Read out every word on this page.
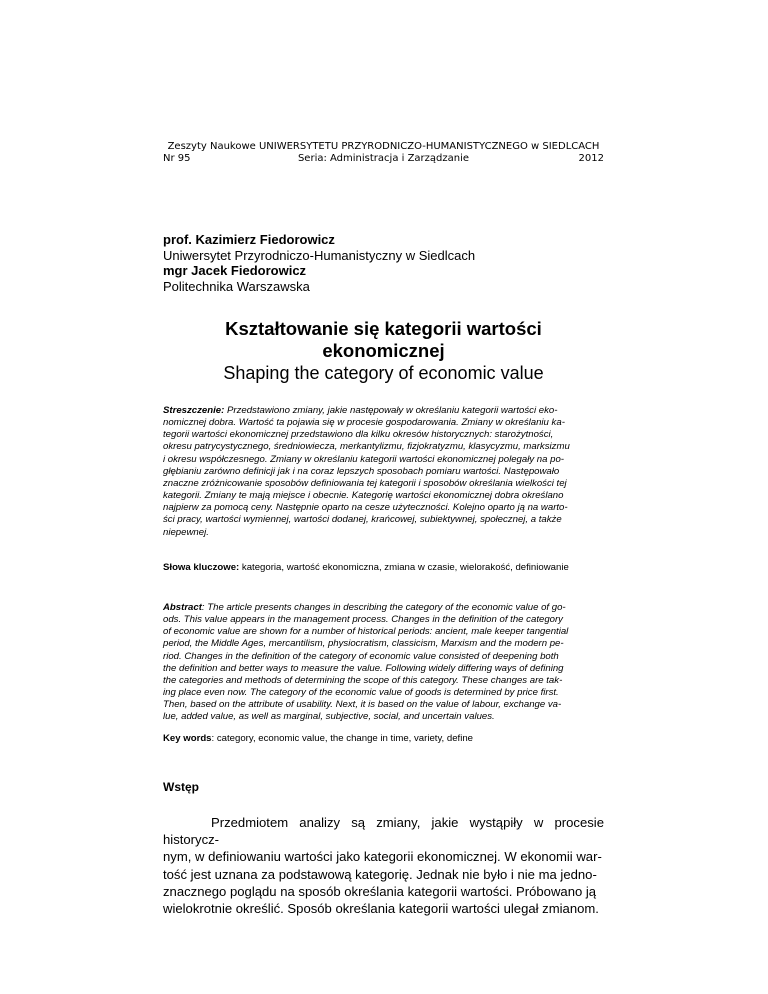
Zeszyty Naukowe UNIWERSYTETU PRZYRODNICZO-HUMANISTYCZNEGO w SIEDLCACH
Nr 95	Seria: Administracja i Zarządzanie	2012
prof. Kazimierz Fiedorowicz
Uniwersytet Przyrodniczo-Humanistyczny w Siedlcach
mgr Jacek Fiedorowicz
Politechnika Warszawska
Kształtowanie się kategorii wartości ekonomicznej
Shaping the category of economic value
Streszczenie: Przedstawiono zmiany, jakie następowały w określaniu kategorii wartości eko-
nomicznej dobra. Wartość ta pojawia się w procesie gospodarowania. Zmiany w określaniu ka-
tegorii wartości ekonomicznej przedstawiono dla kilku okresów historycznych: starożytności,
okresu patrycystycznego, średniowiecza, merkantylizmu, fizjokratyzmu, klasycyzmu, marksizmu
i okresu współczesnego. Zmiany w określaniu kategorii wartości ekonomicznej polegały na po-
głębianiu zarówno definicji jak i na coraz lepszych sposobach pomiaru wartości. Następowało
znaczne zróżnicowanie sposobów definiowania tej kategorii i sposobów określania wielkości tej
kategorii. Zmiany te mają miejsce i obecnie. Kategorię wartości ekonomicznej dobra określano
najpierw za pomocą ceny. Następnie oparto na cesze użyteczności. Kolejno oparto ją na warto-
ści pracy, wartości wymiennej, wartości dodanej, krańcowej, subiektywnej, społecznej, a także
niepewnej.
Słowa kluczowe: kategoria, wartość ekonomiczna, zmiana w czasie, wielorakość, definiowanie
Abstract: The article presents changes in describing the category of the economic value of go-
ods. This value appears in the management process. Changes in the definition of the category
of economic value are shown for a number of historical periods: ancient, male keeper tangential
period, the Middle Ages, mercantilism, physiocratism, classicism, Marxism and the modern pe-
riod. Changes in the definition of the category of economic value consisted of deepening both
the definition and better ways to measure the value. Following widely differing ways of defining
the categories and methods of determining the scope of this category. These changes are tak-
ing place even now. The category of the economic value of goods is determined by price first.
Then, based on the attribute of usability. Next, it is based on the value of labour, exchange va-
lue, added value, as well as marginal, subjective, social, and uncertain values.
Key words: category, economic value, the change in time, variety, define
Wstęp
Przedmiotem analizy są zmiany, jakie wystąpiły w procesie historycz-
nym, w definiowaniu wartości jako kategorii ekonomicznej. W ekonomii war-
tość jest uznana za podstawową kategorię. Jednak nie było i nie ma jedno-
znacznego poglądu na sposób określania kategorii wartości. Próbowano ją
wielokrotnie określić. Sposób określania kategorii wartości ulegał zmianom.
